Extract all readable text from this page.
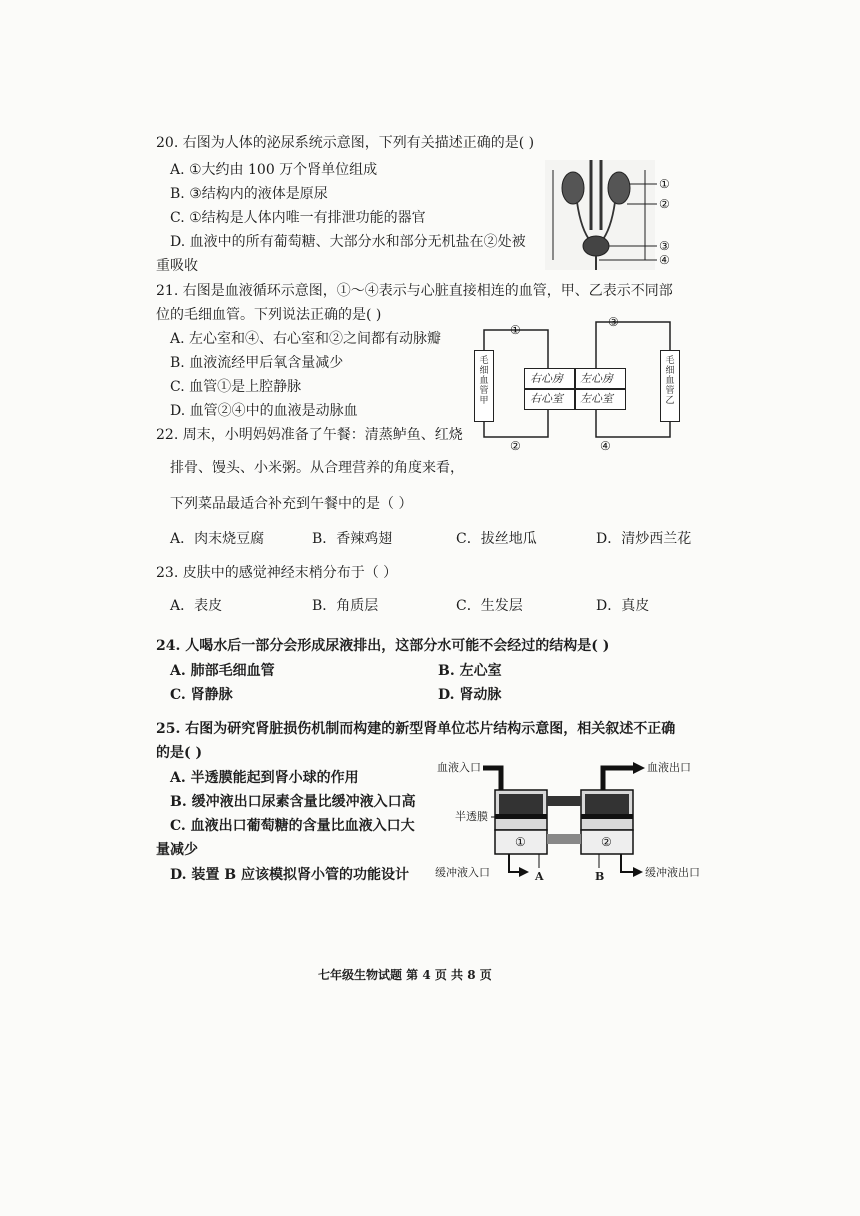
20. 右图为人体的泌尿系统示意图，下列有关描述正确的是( )
A. ①大约由 100 万个肾单位组成
B. ③结构内的液体是原尿
C. ①结构是人体内唯一有排泄功能的器官
D. 血液中的所有葡萄糖、大部分水和部分无机盐在②处被
重吸收
①
②
③
④
21. 右图是血液循环示意图，①～④表示与心脏直接相连的血管，甲、乙表示不同部
位的毛细血管。下列说法正确的是( )
A. 左心室和④、右心室和②之间都有动脉瓣
B. 血液流经甲后氧含量减少
C. 血管①是上腔静脉
D. 血管②④中的血液是动脉血
①
③
②	④
毛细血管甲
毛细血管乙
右心房 左心房
右心室 左心室
22. 周末，小明妈妈准备了午餐：清蒸鲈鱼、红烧
排骨、馒头、小米粥。从合理营养的角度来看，
下列菜品最适合补充到午餐中的是（ ）
A．肉末烧豆腐	B．香辣鸡翅	C．拔丝地瓜	D．清炒西兰花
23. 皮肤中的感觉神经末梢分布于（ ）
A．表皮	B．角质层	C．生发层	D．真皮
24. 人喝水后一部分会形成尿液排出，这部分水可能不会经过的结构是( )
A. 肺部毛细血管	B. 左心室
C. 肾静脉	D. 肾动脉
25. 右图为研究肾脏损伤机制而构建的新型肾单位芯片结构示意图，相关叙述不正确
的是( )
A. 半透膜能起到肾小球的作用
B. 缓冲液出口尿素含量比缓冲液入口高
C. 血液出口葡萄糖的含量比血液入口大
量减少
D. 装置 B 应该模拟肾小管的功能设计
①	②
血液入口	血液出口
半透膜
缓冲液入口	缓冲液出口
A	B
七年级生物试题 第 4 页 共 8 页
